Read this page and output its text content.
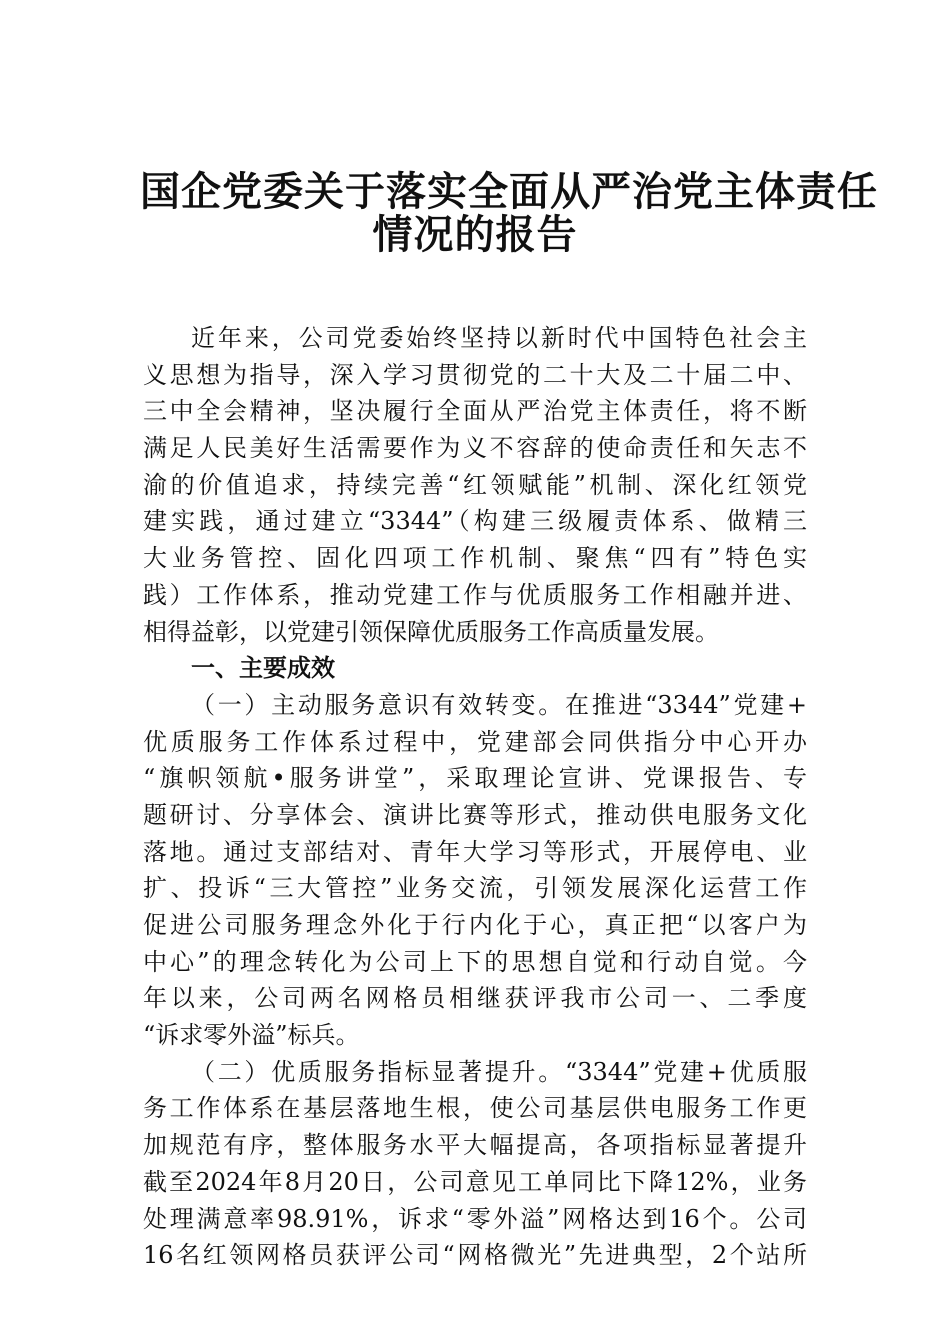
国企党委关于落实全面从严治党主体责任
情况的报告
近年来，公司党委始终坚持以新时代中国特色社会主
义思想为指导，深入学习贯彻党的二十大及二十届二中、
三中全会精神，坚决履行全面从严治党主体责任，将不断
满足人民美好生活需要作为义不容辞的使命责任和矢志不
渝的价值追求，持续完善“红领赋能”机制、深化红领党
建实践，通过建立“3344”（构建三级履责体系、做精三
大业务管控、固化四项工作机制、聚焦“四有”特色实
践）工作体系，推动党建工作与优质服务工作相融并进、
相得益彰，以党建引领保障优质服务工作高质量发展。
一、主要成效
（一）主动服务意识有效转变。在推进“3344”党建+
优质服务工作体系过程中，党建部会同供指分中心开办
“旗帜领航•服务讲堂”，采取理论宣讲、党课报告、专
题研讨、分享体会、演讲比赛等形式，推动供电服务文化
落地。通过支部结对、青年大学习等形式，开展停电、业
扩、投诉“三大管控”业务交流，引领发展深化运营工作
促进公司服务理念外化于行内化于心，真正把“以客户为
中心”的理念转化为公司上下的思想自觉和行动自觉。今
年以来，公司两名网格员相继获评我市公司一、二季度
“诉求零外溢”标兵。
（二）优质服务指标显著提升。“3344”党建+优质服
务工作体系在基层落地生根，使公司基层供电服务工作更
加规范有序，整体服务水平大幅提高，各项指标显著提升
截至2024年8月20日，公司意见工单同比下降12%，业务
处理满意率98.91%，诉求“零外溢”网格达到16个。公司
16名红领网格员获评公司“网格微光”先进典型，2个站所
